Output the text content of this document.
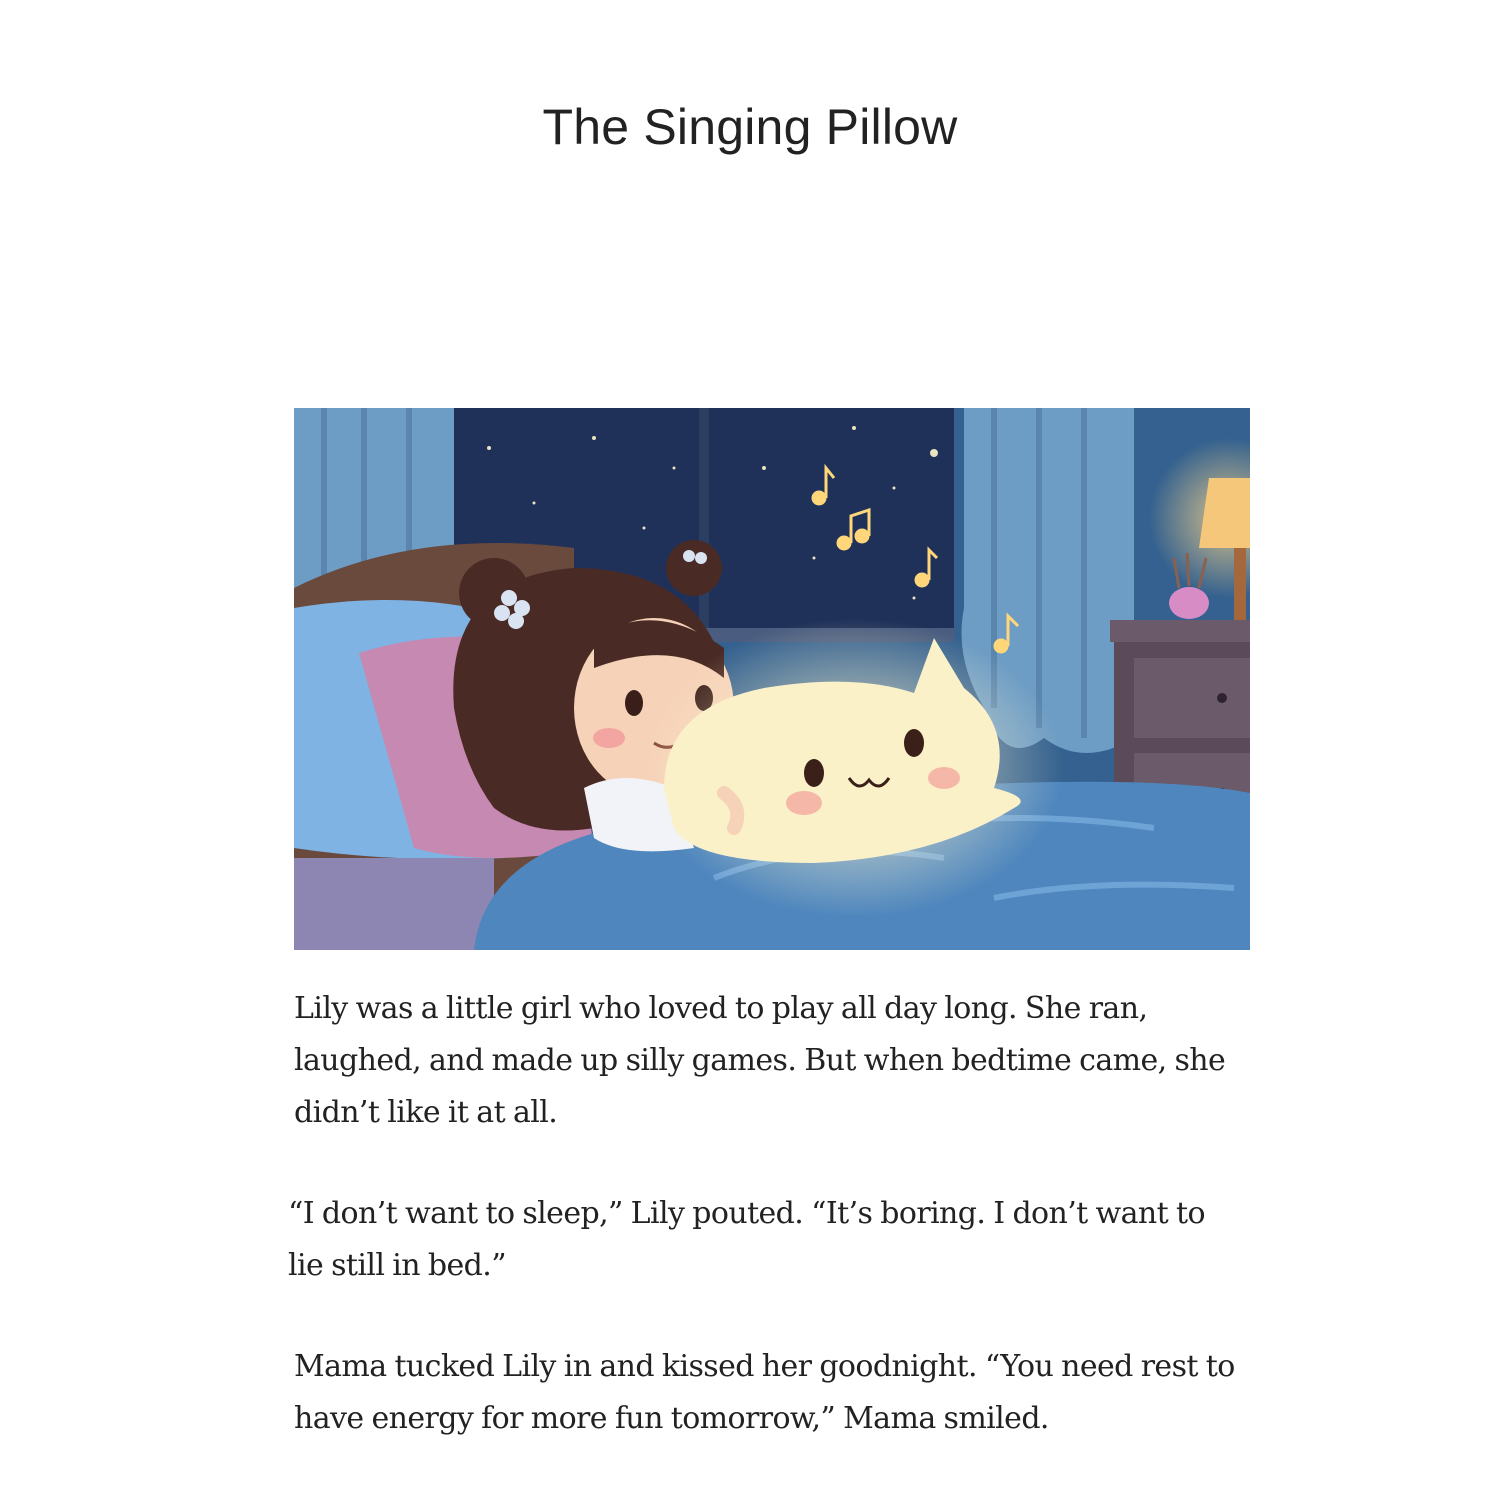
The Singing Pillow

Lily was a little girl who loved to play all day long. She ran, laughed, and made up silly games. But when bedtime came, she didn’t like it at all.

“I don’t want to sleep,” Lily pouted. “It’s boring. I don’t want to lie still in bed.”

Mama tucked Lily in and kissed her goodnight. “You need rest to have energy for more fun tomorrow,” Mama smiled.
